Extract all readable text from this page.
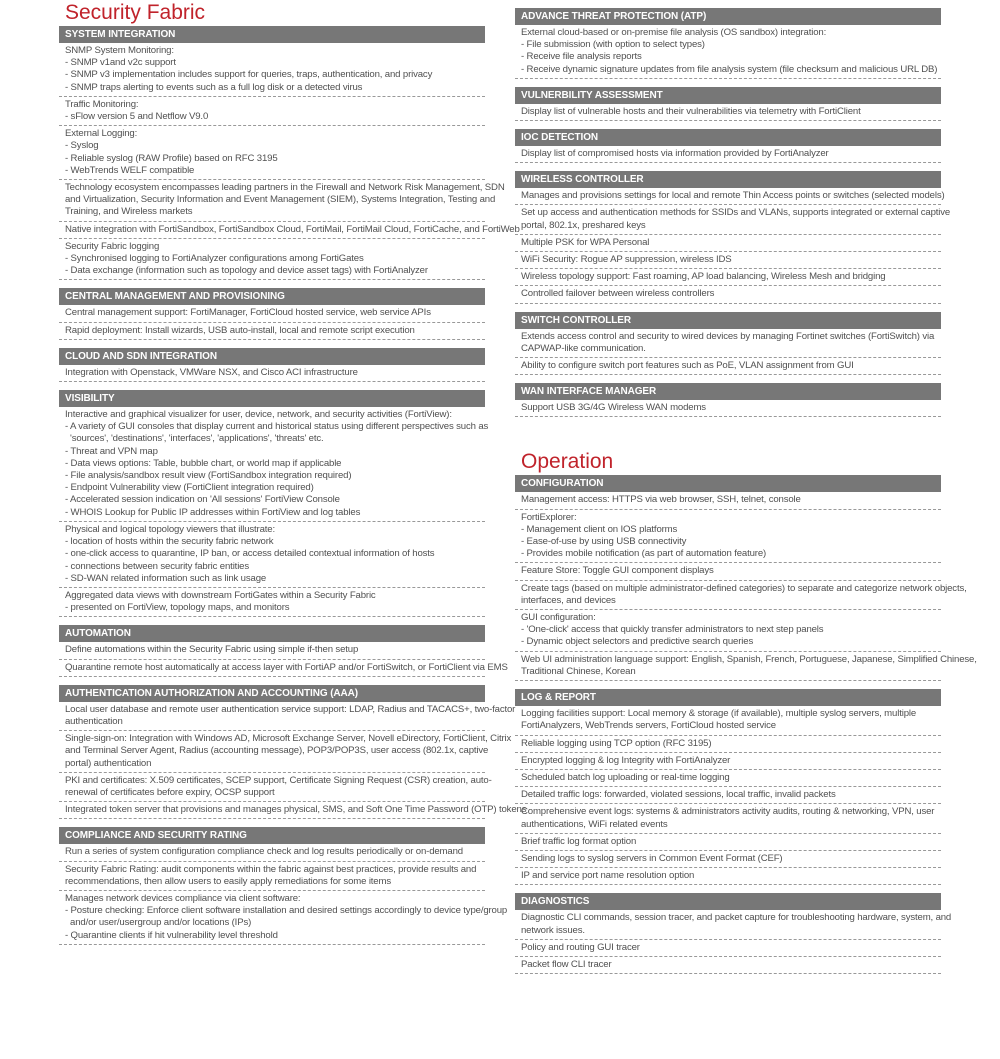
Security Fabric
SYSTEM INTEGRATION
SNMP System Monitoring:
- SNMP v1and v2c support
- SNMP v3 implementation includes support for queries, traps, authentication, and privacy
- SNMP traps alerting to events such as a full log disk or a detected virus
Traffic Monitoring:
- sFlow version 5 and Netflow V9.0
External Logging:
- Syslog
- Reliable syslog (RAW Profile) based on RFC 3195
- WebTrends WELF compatible
Technology ecosystem encompasses leading partners in the Firewall and Network Risk Management, SDN
and Virtualization, Security Information and Event Management (SIEM), Systems Integration, Testing and
Training, and Wireless markets
Native integration with FortiSandbox, FortiSandbox Cloud, FortiMail, FortiMail Cloud, FortiCache, and FortiWeb
Security Fabric logging
- Synchronised logging to FortiAnalyzer configurations among FortiGates
- Data exchange (information such as topology and device asset tags) with FortiAnalyzer
CENTRAL MANAGEMENT AND PROVISIONING
Central management support: FortiManager, FortiCloud hosted service, web service APIs
Rapid deployment: Install wizards, USB auto-install, local and remote script execution
CLOUD AND SDN INTEGRATION
Integration with Openstack, VMWare NSX, and Cisco ACI infrastructure
VISIBILITY
Interactive and graphical visualizer for user, device, network, and security activities (FortiView):
- A variety of GUI consoles that display current and historical status using different perspectives such as
'sources', 'destinations', 'interfaces', 'applications', 'threats' etc.
- Threat and VPN map
- Data views options: Table, bubble chart, or world map if applicable
- File analysis/sandbox result view (FortiSandbox integration required)
- Endpoint Vulnerability view (FortiClient integration required)
- Accelerated session indication on 'All sessions' FortiView Console
- WHOIS Lookup for Public IP addresses within FortiView and log tables
Physical and logical topology viewers that illustrate:
- location of hosts within the security fabric network
- one-click access to quarantine, IP ban, or access detailed contextual information of hosts
- connections between security fabric entities
- SD-WAN related information such as link usage
Aggregated data views with downstream FortiGates within a Security Fabric
- presented on FortiView, topology maps, and monitors
AUTOMATION
Define automations within the Security Fabric using simple if-then setup
Quarantine remote host automatically at access layer with FortiAP and/or FortiSwitch, or FortiClient via EMS
AUTHENTICATION AUTHORIZATION AND ACCOUNTING (AAA)
Local user database and remote user authentication service support: LDAP, Radius and TACACS+, two-factor
authentication
Single-sign-on: Integration with Windows AD, Microsoft Exchange Server, Novell eDirectory, FortiClient, Citrix
and Terminal Server Agent, Radius (accounting message), POP3/POP3S, user access (802.1x, captive
portal) authentication
PKI and certificates: X.509 certificates, SCEP support, Certificate Signing Request (CSR) creation, auto-
renewal of certificates before expiry, OCSP support
Integrated token server that provisions and manages physical, SMS, and Soft One Time Password (OTP) tokens
COMPLIANCE AND SECURITY RATING
Run a series of system configuration compliance check and log results periodically or on-demand
Security Fabric Rating: audit components within the fabric against best practices, provide results and
recommendations, then allow users to easily apply remediations for some items
Manages network devices compliance via client software:
- Posture checking: Enforce client software installation and desired settings accordingly to device type/group
and/or user/usergroup and/or locations (IPs)
- Quarantine clients if hit vulnerability level threshold
ADVANCE THREAT PROTECTION (ATP)
External cloud-based or on-premise file analysis (OS sandbox) integration:
- File submission (with option to select types)
- Receive file analysis reports
- Receive dynamic signature updates from file analysis system (file checksum and malicious URL DB)
VULNERBILITY ASSESSMENT
Display list of vulnerable hosts and their vulnerabilities via telemetry with FortiClient
IOC DETECTION
Display list of compromised hosts via information provided by FortiAnalyzer
WIRELESS CONTROLLER
Manages and provisions settings for local and remote Thin Access points or switches (selected models)
Set up access and authentication methods for SSIDs and VLANs, supports integrated or external captive
portal, 802.1x, preshared keys
Multiple PSK for WPA Personal
WiFi Security: Rogue AP suppression, wireless IDS
Wireless topology support: Fast roaming, AP load balancing, Wireless Mesh and bridging
Controlled failover between wireless controllers
SWITCH CONTROLLER
Extends access control and security to wired devices by managing Fortinet switches (FortiSwitch) via
CAPWAP-like communication.
Ability to configure switch port features such as PoE, VLAN assignment from GUI
WAN INTERFACE MANAGER
Support USB 3G/4G Wireless WAN modems
Operation
CONFIGURATION
Management access: HTTPS via web browser, SSH, telnet, console
FortiExplorer:
- Management client on IOS platforms
- Ease-of-use by using USB connectivity
- Provides mobile notification (as part of automation feature)
Feature Store: Toggle GUI component displays
Create tags (based on multiple administrator-defined categories) to separate and categorize network objects,
interfaces, and devices
GUI configuration:
- 'One-click' access that quickly transfer administrators to next step panels
- Dynamic object selectors and predictive search queries
Web UI administration language support: English, Spanish, French, Portuguese, Japanese, Simplified Chinese,
Traditional Chinese, Korean
LOG & REPORT
Logging facilities support: Local memory & storage (if available), multiple syslog servers, multiple
FortiAnalyzers, WebTrends servers, FortiCloud hosted service
Reliable logging using TCP option (RFC 3195)
Encrypted logging & log Integrity with FortiAnalyzer
Scheduled batch log uploading or real-time logging
Detailed traffic logs: forwarded, violated sessions, local traffic, invalid packets
Comprehensive event logs: systems & administrators activity audits, routing & networking, VPN, user
authentications, WiFi related events
Brief traffic log format option
Sending logs to syslog servers in Common Event Format (CEF)
IP and service port name resolution option
DIAGNOSTICS
Diagnostic CLI commands, session tracer, and packet capture for troubleshooting hardware, system, and
network issues.
Policy and routing GUI tracer
Packet flow CLI tracer
